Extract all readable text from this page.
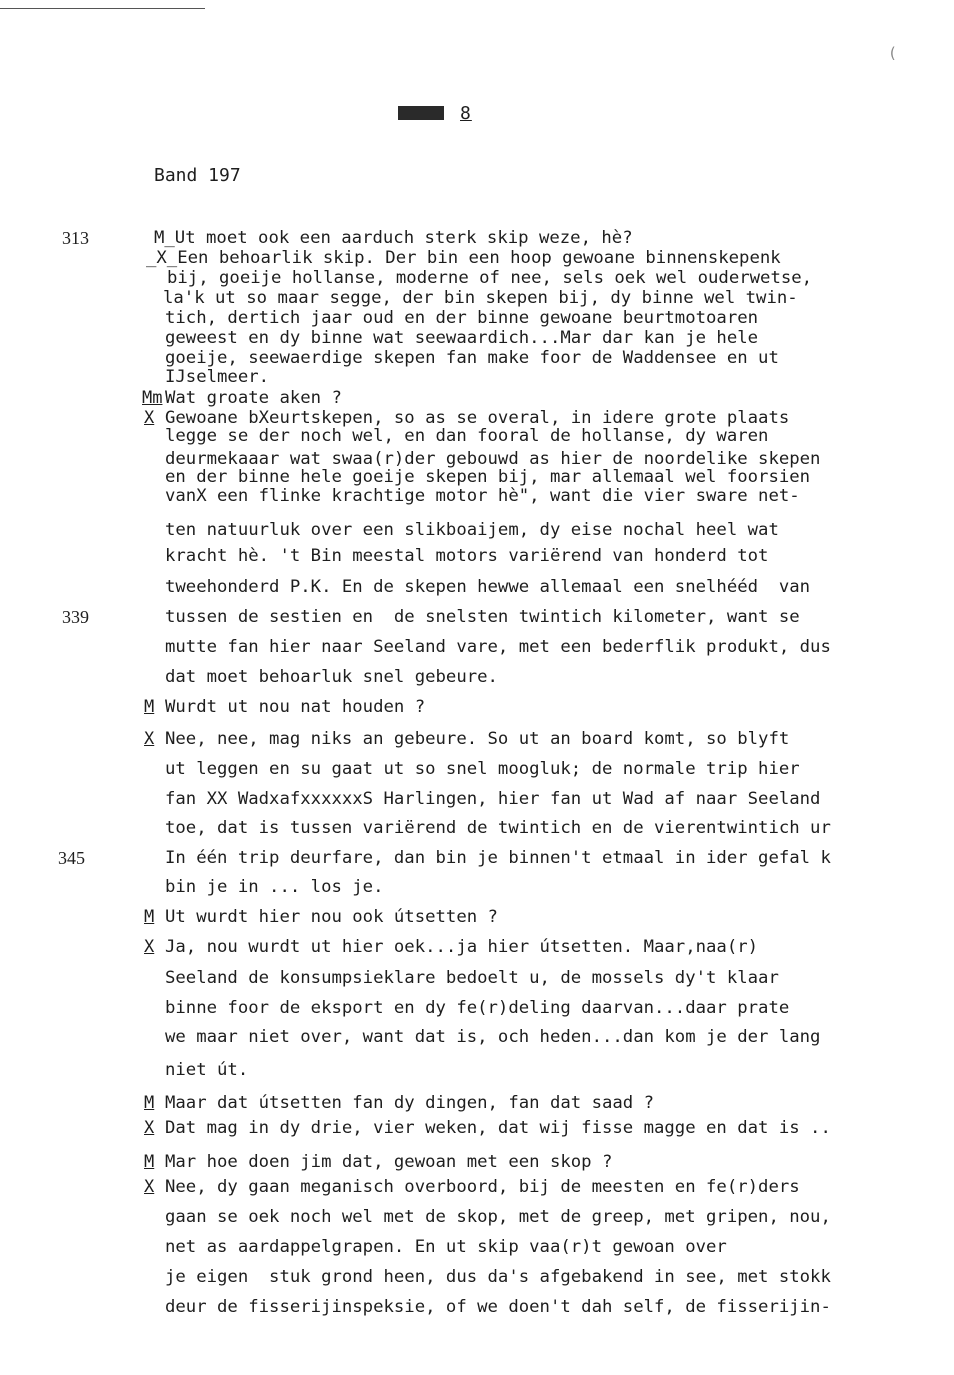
(
8
Band 197
313
339
345
M_Ut moet ook een aarduch sterk skip weze, hè?
_X_Een behoarlik skip. Der bin een hoop gewoane binnenskepenk
bij, goeije hollanse, moderne of nee, sels oek wel ouderwetse,
la'k ut so maar segge, der bin skepen bij, dy binne wel twin-
tich, dertich jaar oud en der binne gewoane beurtmotoaren
geweest en dy binne wat seewaardich...Mar dar kan je hele
goeije, seewaerdige skepen fan make foor de Waddensee en ut
IJselmeer.
Mm Wat groate aken ?
X Gewoane bXeurtskepen, so as se overal, in idere grote plaats
legge se der noch wel, en dan fooral de hollanse, dy waren
deurmekaaar wat swaa(r)der gebouwd as hier de noordelike skepen
en der binne hele goeije skepen bij, mar allemaal wel foorsien
vanX een flinke krachtige motor hè", want die vier sware net-
ten natuurluk over een slikboaijem, dy eise nochal heel wat
kracht hè. 't Bin meestal motors variërend van honderd tot
tweehonderd P.K. En de skepen hewwe allemaal een snelhééd  van
tussen de sestien en  de snelsten twintich kilometer, want se
mutte fan hier naar Seeland vare, met een bederflik produkt, dus
dat moet behoarluk snel gebeure.
M Wurdt ut nou nat houden ?
X Nee, nee, mag niks an gebeure. So ut an board komt, so blyft
ut leggen en su gaat ut so snel moogluk; de normale trip hier
fan XX WadxafxxxxxxS Harlingen, hier fan ut Wad af naar Seeland
toe, dat is tussen variërend de twintich en de vierentwintich ur
In één trip deurfare, dan bin je binnen't etmaal in ider gefal k
bin je in ... los je.
M Ut wurdt hier nou ook útsetten ?
X Ja, nou wurdt ut hier oek...ja hier útsetten. Maar,naa(r)
Seeland de konsumpsieklare bedoelt u, de mossels dy't klaar
binne foor de eksport en dy fe(r)deling daarvan...daar prate
we maar niet over, want dat is, och heden...dan kom je der lang
niet út.
M Maar dat útsetten fan dy dingen, fan dat saad ?
X Dat mag in dy drie, vier weken, dat wij fisse magge en dat is ..
M Mar hoe doen jim dat, gewoan met een skop ?
X Nee, dy gaan meganisch overboord, bij de meesten en fe(r)ders
gaan se oek noch wel met de skop, met de greep, met gripen, nou,
net as aardappelgrapen. En ut skip vaa(r)t gewoan over
je eigen  stuk grond heen, dus da's afgebakend in see, met stokk
deur de fisserijinspeksie, of we doen't dah self, de fisserijin-
